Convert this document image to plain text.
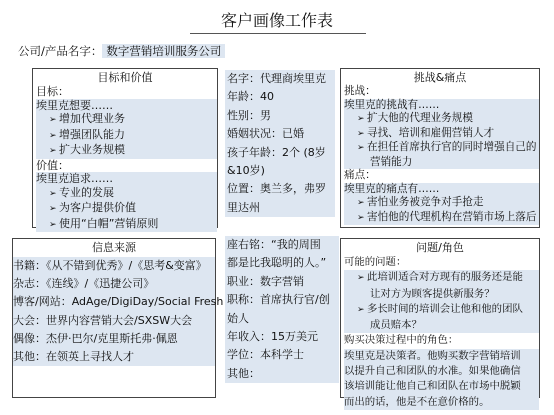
客户画像工作表
公司/产品名字： 数字营销培训服务公司
目标和价值
目标：
埃里克想要……
➢ 增加代理业务
➢ 增强团队能力
➢ 扩大业务规模
价值：
埃里克追求……
➢ 专业的发展
➢ 为客户提供价值
➢ 使用“白帽”营销原则
名字：代理商埃里克
年龄：40
性别：男
婚姻状况：已婚
孩子年龄：2个 (8岁
&10岁)
位置：奥兰多，弗罗
里达州
挑战&痛点
挑战：
埃里克的挑战有……
➢ 扩大他的代理业务规模
➢ 寻找、培训和雇佣营销人才
➢ 在担任首席执行官的同时增强自己的
营销能力
痛点：
埃里克的痛点有……
➢ 害怕业务被竞争对手抢走
➢ 害怕他的代理机构在营销市场上落后
信息来源
书籍：《从不错到优秀》/《思考&变富》
杂志：《连线》/《迅捷公司》
博客/网站：AdAge/DigiDay/Social Fresh
大会：世界内容营销大会/SXSW大会
偶像：杰伊·巴尔/克里斯托弗·佩恩
其他：在领英上寻找人才
座右铭：“我的周围
都是比我聪明的人。”
职业：数字营销
职称：首席执行官/创
始人
年收入：15万美元
学位：本科学士
其他：
问题/角色
可能的问题：
➢ 此培训适合对方现有的服务还是能
让对方为顾客提供新服务？
➢ 多长时间的培训会让他和他的团队
成员赔本？
购买决策过程中的角色：
埃里克是决策者。他购买数字营销培训
以提升自己和团队的水准。如果他确信
该培训能让他自己和团队在市场中脱颖
而出的话，他是不在意价格的。
